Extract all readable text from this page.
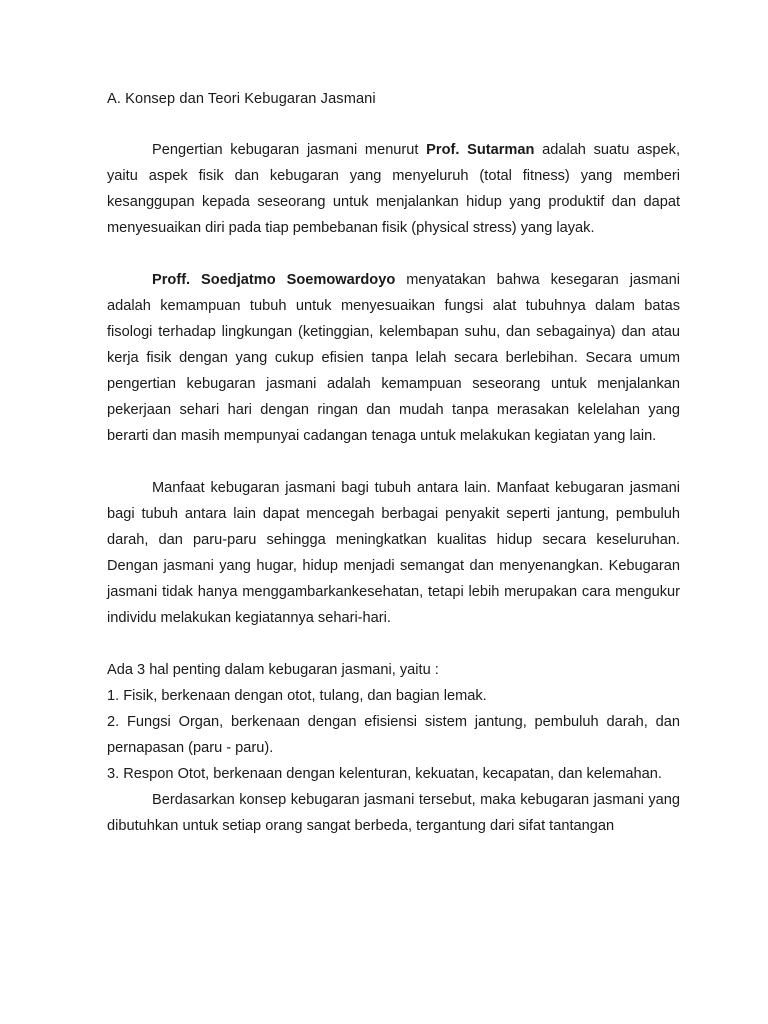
A. Konsep dan Teori Kebugaran Jasmani

Pengertian kebugaran jasmani menurut Prof. Sutarman adalah suatu aspek, yaitu aspek fisik dan kebugaran yang menyeluruh (total fitness) yang memberi kesanggupan kepada seseorang untuk menjalankan hidup yang produktif dan dapat menyesuaikan diri pada tiap pembebanan fisik (physical stress) yang layak.

Proff. Soedjatmo Soemowardoyo menyatakan bahwa kesegaran jasmani adalah kemampuan tubuh untuk menyesuaikan fungsi alat tubuhnya dalam batas fisologi terhadap lingkungan (ketinggian, kelembapan suhu, dan sebagainya) dan atau kerja fisik dengan yang cukup efisien tanpa lelah secara berlebihan. Secara umum pengertian kebugaran jasmani adalah kemampuan seseorang untuk menjalankan pekerjaan sehari hari dengan ringan dan mudah tanpa merasakan kelelahan yang berarti dan masih mempunyai cadangan tenaga untuk melakukan kegiatan yang lain.

Manfaat kebugaran jasmani bagi tubuh antara lain. Manfaat kebugaran jasmani bagi tubuh antara lain dapat mencegah berbagai penyakit seperti jantung, pembuluh darah, dan paru-paru sehingga meningkatkan kualitas hidup secara keseluruhan. Dengan jasmani yang hugar, hidup menjadi semangat dan menyenangkan. Kebugaran jasmani tidak hanya menggambarkankesehatan, tetapi lebih merupakan cara mengukur individu melakukan kegiatannya sehari-hari.

Ada 3 hal penting dalam kebugaran jasmani, yaitu :

1. Fisik, berkenaan dengan otot, tulang, dan bagian lemak.

2. Fungsi Organ, berkenaan dengan efisiensi sistem jantung, pembuluh darah, dan pernapasan (paru - paru).

3. Respon Otot, berkenaan dengan kelenturan, kekuatan, kecapatan, dan kelemahan.

Berdasarkan konsep kebugaran jasmani tersebut, maka kebugaran jasmani yang dibutuhkan untuk setiap orang sangat berbeda, tergantung dari sifat tantangan
